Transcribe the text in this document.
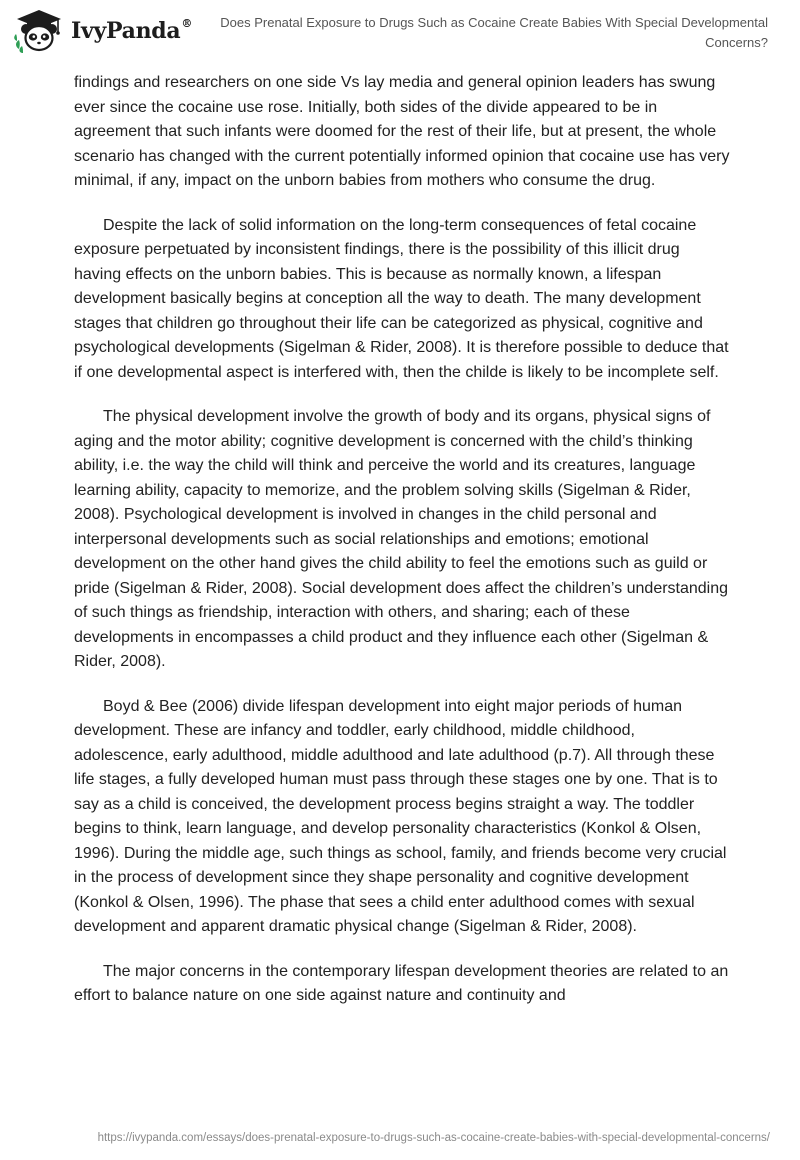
IvyPanda®	Does Prenatal Exposure to Drugs Such as Cocaine Create Babies With Special Developmental Concerns?

findings and researchers on one side Vs lay media and general opinion leaders has swung ever since the cocaine use rose. Initially, both sides of the divide appeared to be in agreement that such infants were doomed for the rest of their life, but at present, the whole scenario has changed with the current potentially informed opinion that cocaine use has very minimal, if any, impact on the unborn babies from mothers who consume the drug.

Despite the lack of solid information on the long-term consequences of fetal cocaine exposure perpetuated by inconsistent findings, there is the possibility of this illicit drug having effects on the unborn babies. This is because as normally known, a lifespan development basically begins at conception all the way to death. The many development stages that children go throughout their life can be categorized as physical, cognitive and psychological developments (Sigelman & Rider, 2008). It is therefore possible to deduce that if one developmental aspect is interfered with, then the childe is likely to be incomplete self.

The physical development involve the growth of body and its organs, physical signs of aging and the motor ability; cognitive development is concerned with the child’s thinking ability, i.e. the way the child will think and perceive the world and its creatures, language learning ability, capacity to memorize, and the problem solving skills (Sigelman & Rider, 2008). Psychological development is involved in changes in the child personal and interpersonal developments such as social relationships and emotions; emotional development on the other hand gives the child ability to feel the emotions such as guild or pride (Sigelman & Rider, 2008). Social development does affect the children’s understanding of such things as friendship, interaction with others, and sharing; each of these developments in encompasses a child product and they influence each other (Sigelman & Rider, 2008).

Boyd & Bee (2006) divide lifespan development into eight major periods of human development. These are infancy and toddler, early childhood, middle childhood, adolescence, early adulthood, middle adulthood and late adulthood (p.7). All through these life stages, a fully developed human must pass through these stages one by one. That is to say as a child is conceived, the development process begins straight a way. The toddler begins to think, learn language, and develop personality characteristics (Konkol & Olsen, 1996). During the middle age, such things as school, family, and friends become very crucial in the process of development since they shape personality and cognitive development (Konkol & Olsen, 1996). The phase that sees a child enter adulthood comes with sexual development and apparent dramatic physical change (Sigelman & Rider, 2008).

The major concerns in the contemporary lifespan development theories are related to an effort to balance nature on one side against nature and continuity and

https://ivypanda.com/essays/does-prenatal-exposure-to-drugs-such-as-cocaine-create-babies-with-special-developmental-concerns/
